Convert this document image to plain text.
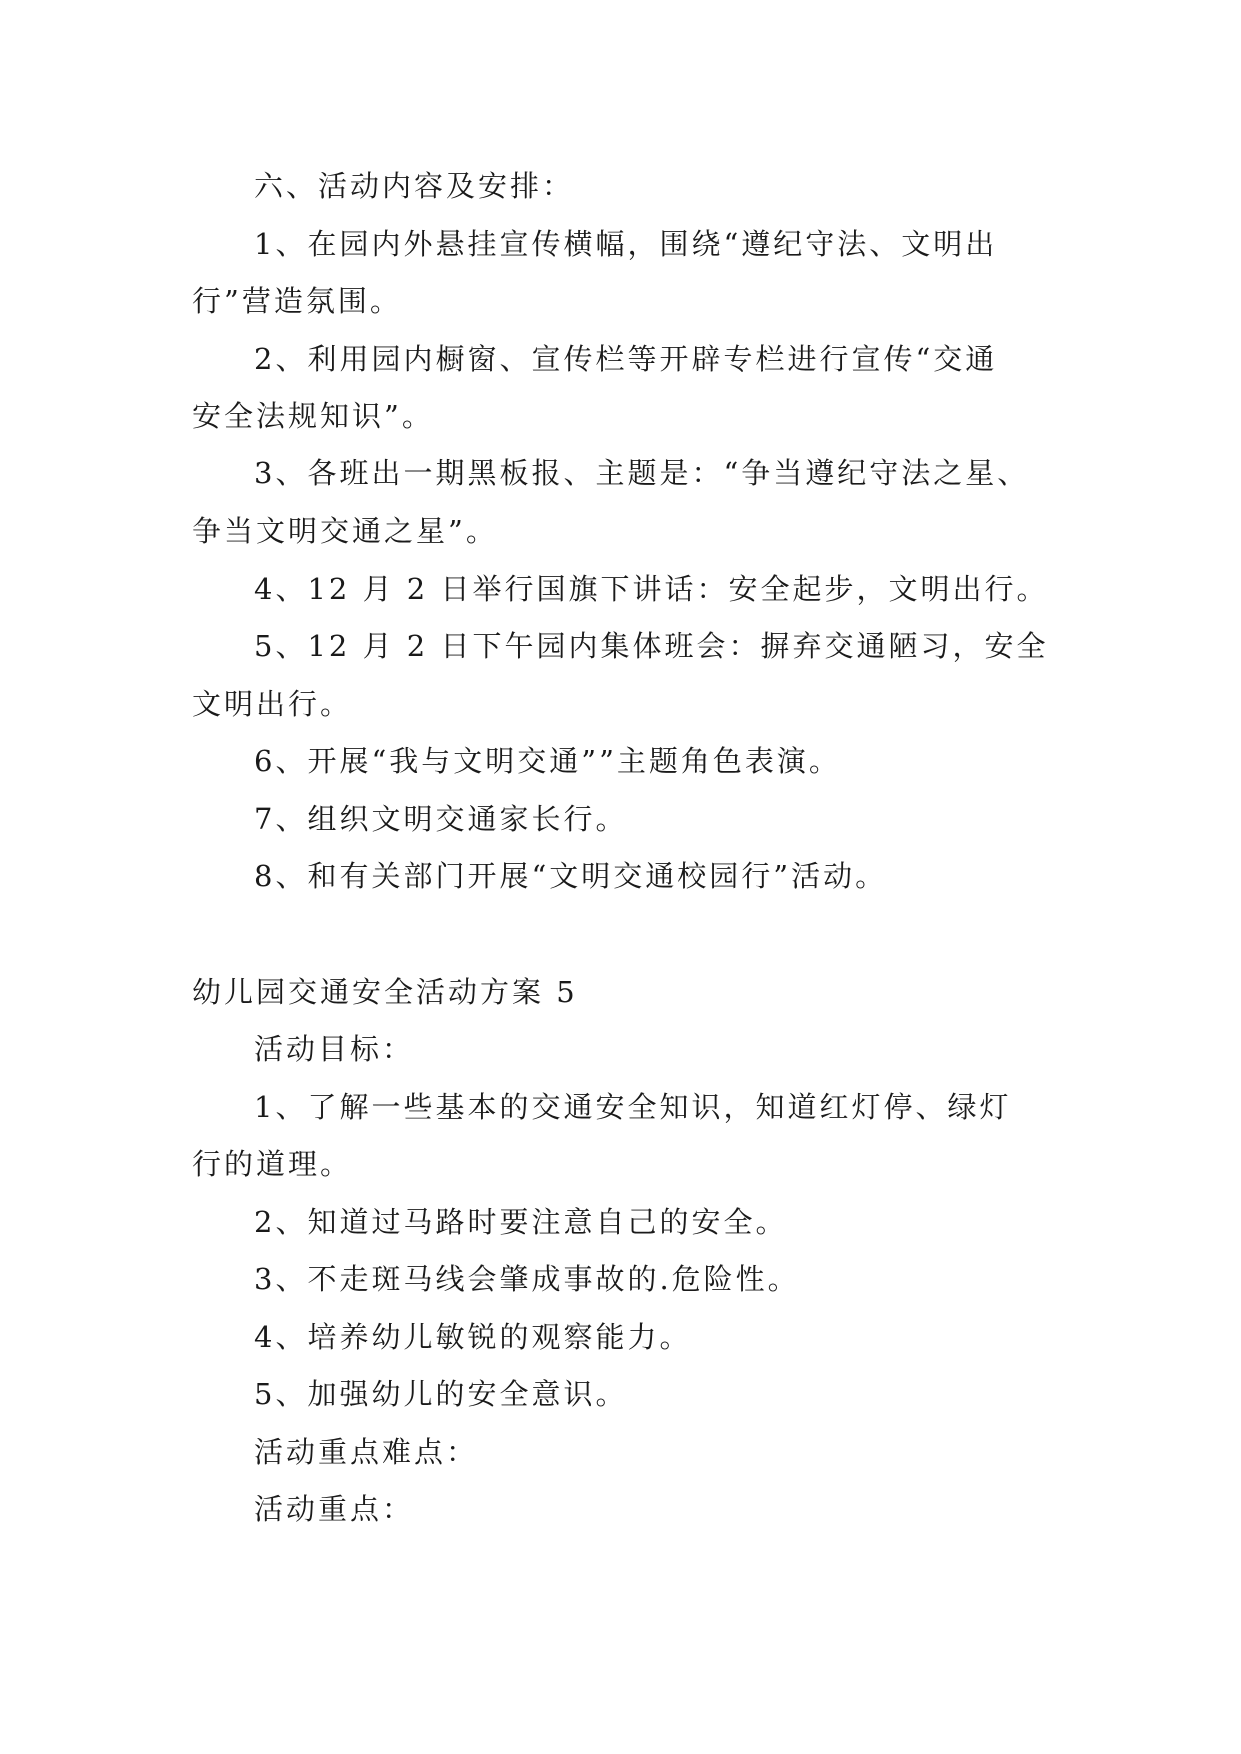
六、活动内容及安排：
1、在园内外悬挂宣传横幅，围绕“遵纪守法、文明出
行”营造氛围。
2、利用园内橱窗、宣传栏等开辟专栏进行宣传“交通
安全法规知识”。
3、各班出一期黑板报、主题是：“争当遵纪守法之星、
争当文明交通之星”。
4、12 月 2 日举行国旗下讲话：安全起步，文明出行。
5、12 月 2 日下午园内集体班会：摒弃交通陋习，安全
文明出行。
6、开展“我与文明交通””主题角色表演。
7、组织文明交通家长行。
8、和有关部门开展“文明交通校园行”活动。
幼儿园交通安全活动方案 5
活动目标：
1、了解一些基本的交通安全知识，知道红灯停、绿灯
行的道理。
2、知道过马路时要注意自己的安全。
3、不走斑马线会肇成事故的.危险性。
4、培养幼儿敏锐的观察能力。
5、加强幼儿的安全意识。
活动重点难点：
活动重点：
